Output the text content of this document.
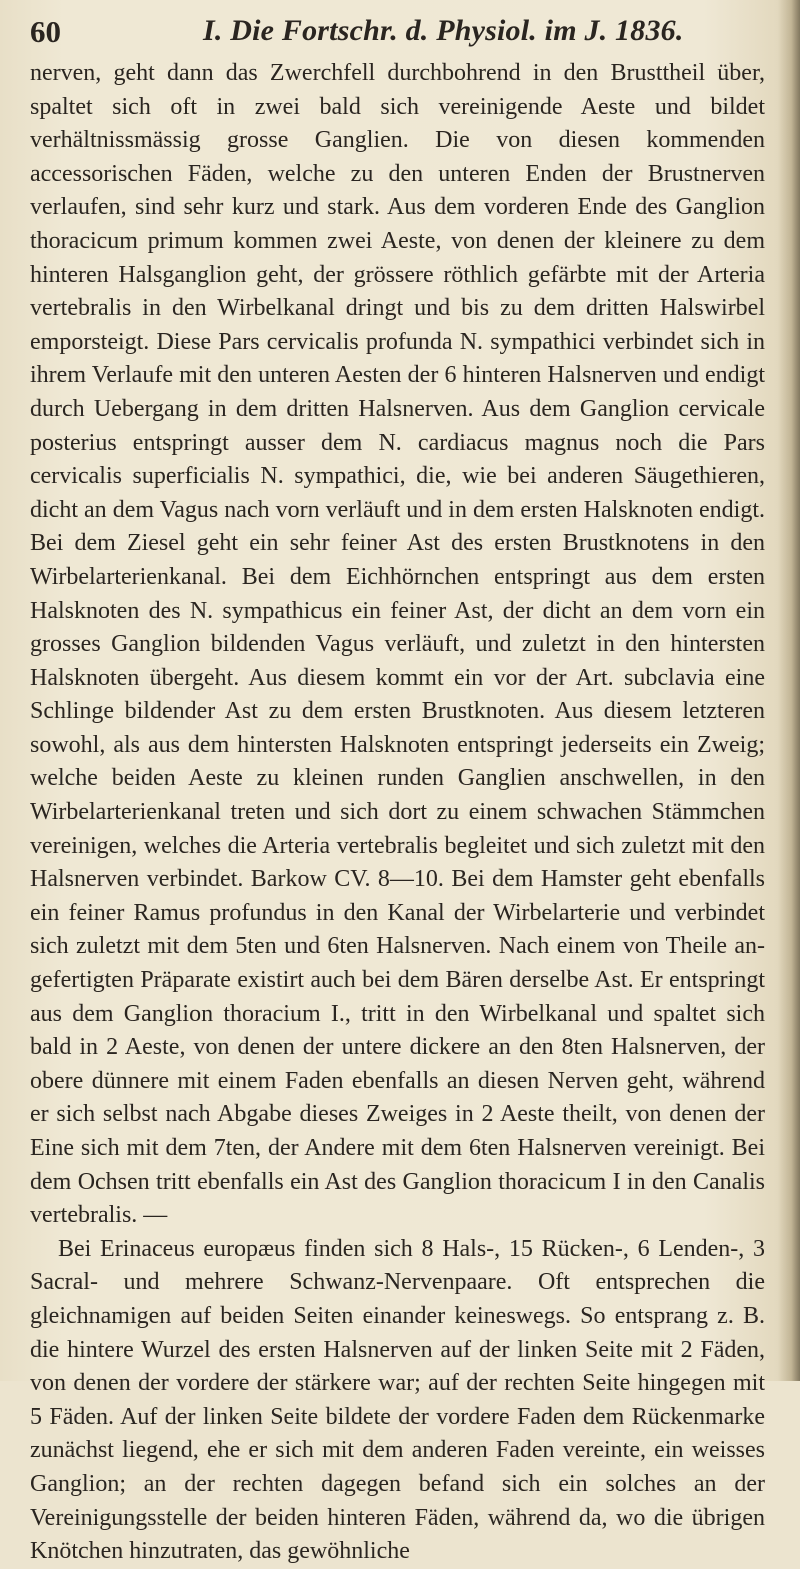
60	I. Die Fortschr. d. Physiol. im J. 1836.

nerven, geht dann das Zwerchfell durchbohrend in den Brusttheil über, spaltet sich oft in zwei bald sich vereinigende Aeste und bildet verhältnissmässig grosse Ganglien. Die von diesen kommenden accessorischen Fäden, welche zu den unteren Enden der Brustnerven verlaufen, sind sehr kurz und stark. Aus dem vorderen Ende des Ganglion thoracicum primum kommen zwei Aeste, von denen der kleinere zu dem hinteren Halsganglion geht, der grössere röthlich gefärbte mit der Arteria vertebralis in den Wirbelkanal dringt und bis zu dem dritten Halswirbel emporsteigt. Diese Pars cervicalis profunda N. sympathici verbindet sich in ihrem Verlaufe mit den unteren Aesten der 6 hinteren Halsnerven und endigt durch Uebergang in dem dritten Halsnerven. Aus dem Ganglion cervicale posterius entspringt ausser dem N. cardiacus magnus noch die Pars cervicalis superficialis N. sympathici, die, wie bei anderen Säugethieren, dicht an dem Vagus nach vorn verläuft und in dem ersten Halsknoten endigt. Bei dem Ziesel geht ein sehr feiner Ast des ersten Brustknotens in den Wirbelarterienkanal. Bei dem Eichhörnchen entspringt aus dem ersten Halsknoten des N. sympathicus ein feiner Ast, der dicht an dem vorn ein grosses Ganglion bildenden Vagus verläuft, und zuletzt in den hintersten Halsknoten übergeht. Aus diesem kommt ein vor der Art. subclavia eine Schlinge bildender Ast zu dem ersten Brustknoten. Aus diesem letzteren sowohl, als aus dem hintersten Halsknoten entspringt jederseits ein Zweig; welche beiden Aeste zu kleinen runden Ganglien anschwellen, in den Wirbelarterienkanal treten und sich dort zu einem schwachen Stämmchen vereinigen, welches die Arteria vertebralis begleitet und sich zuletzt mit den Halsnerven verbindet. Barkow CV. 8—10. Bei dem Hamster geht ebenfalls ein feiner Ramus profundus in den Kanal der Wirbelarterie und verbindet sich zuletzt mit dem 5ten und 6ten Halsnerven. Nach einem von Theile angefertigten Präparate existirt auch bei dem Bären derselbe Ast. Er entspringt aus dem Ganglion thoracium I., tritt in den Wirbelkanal und spaltet sich bald in 2 Aeste, von denen der untere dickere an den 8ten Halsnerven, der obere dünnere mit einem Faden ebenfalls an diesen Nerven geht, während er sich selbst nach Abgabe dieses Zweiges in 2 Aeste theilt, von denen der Eine sich mit dem 7ten, der Andere mit dem 6ten Halsnerven vereinigt. Bei dem Ochsen tritt ebenfalls ein Ast des Ganglion thoracicum I in den Canalis vertebralis. —

Bei Erinaceus europæus finden sich 8 Hals-, 15 Rücken-, 6 Lenden-, 3 Sacral- und mehrere Schwanz-Nervenpaare. Oft entsprechen die gleichnamigen auf beiden Seiten einander keineswegs. So entsprang z. B. die hintere Wurzel des ersten Halsnerven auf der linken Seite mit 2 Fäden, von denen der vordere der stärkere war; auf der rechten Seite hingegen mit 5 Fäden. Auf der linken Seite bildete der vordere Faden dem Rückenmarke zunächst liegend, ehe er sich mit dem anderen Faden vereinte, ein weisses Ganglion; an der rechten dagegen befand sich ein solches an der Vereinigungsstelle der beiden hinteren Fäden, während da, wo die übrigen Knötchen hinzutraten, das gewöhnliche
